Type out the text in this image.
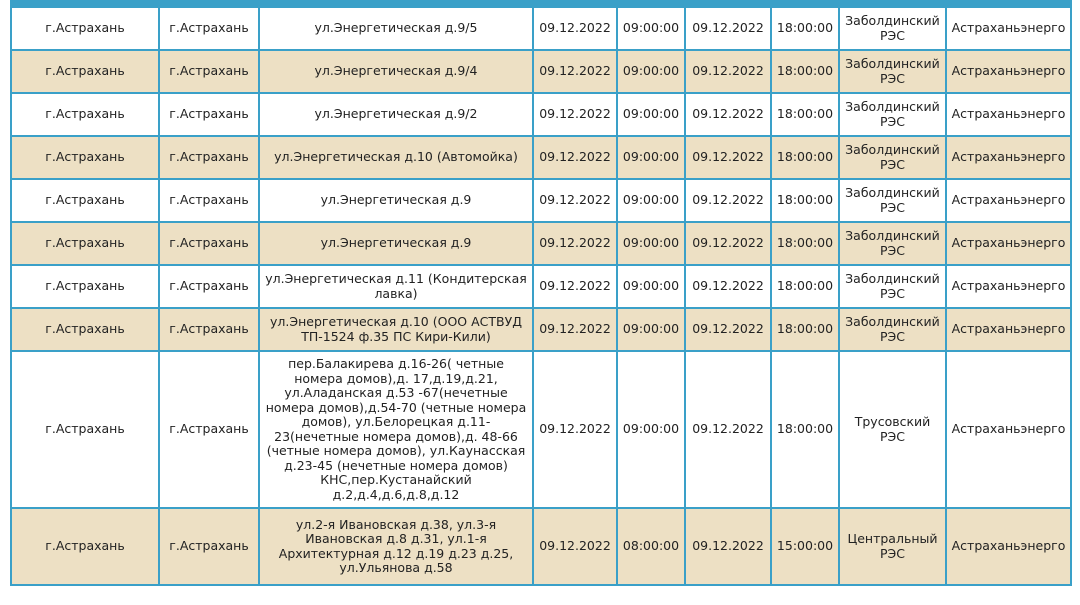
г.Астрахань	г.Астрахань	ул.Энергетическая д.9/5	09.12.2022	09:00:00	09.12.2022	18:00:00	Заболдинский РЭС	Астраханьэнерго
г.Астрахань	г.Астрахань	ул.Энергетическая д.9/4	09.12.2022	09:00:00	09.12.2022	18:00:00	Заболдинский РЭС	Астраханьэнерго
г.Астрахань	г.Астрахань	ул.Энергетическая д.9/2	09.12.2022	09:00:00	09.12.2022	18:00:00	Заболдинский РЭС	Астраханьэнерго
г.Астрахань	г.Астрахань	ул.Энергетическая д.10 (Автомойка)	09.12.2022	09:00:00	09.12.2022	18:00:00	Заболдинский РЭС	Астраханьэнерго
г.Астрахань	г.Астрахань	ул.Энергетическая д.9	09.12.2022	09:00:00	09.12.2022	18:00:00	Заболдинский РЭС	Астраханьэнерго
г.Астрахань	г.Астрахань	ул.Энергетическая д.9	09.12.2022	09:00:00	09.12.2022	18:00:00	Заболдинский РЭС	Астраханьэнерго
г.Астрахань	г.Астрахань	ул.Энергетическая д.11 (Кондитерская лавка)	09.12.2022	09:00:00	09.12.2022	18:00:00	Заболдинский РЭС	Астраханьэнерго
г.Астрахань	г.Астрахань	ул.Энергетическая д.10 (ООО АСТВУД ТП-1524 ф.35 ПС Кири-Кили)	09.12.2022	09:00:00	09.12.2022	18:00:00	Заболдинский РЭС	Астраханьэнерго
г.Астрахань	г.Астрахань	пер.Балакирева д.16-26( четные номера домов),д. 17,д.19,д.21, ул.Аладанская д.53 -67(нечетные номера домов),д.54-70 (четные номера домов), ул.Белорецкая д.11-23(нечетные номера домов),д. 48-66 (четные номера домов), ул.Каунасская д.23-45 (нечетные номера домов) КНС,пер.Кустанайский д.2,д.4,д.6,д.8,д.12	09.12.2022	09:00:00	09.12.2022	18:00:00	Трусовский РЭС	Астраханьэнерго
г.Астрахань	г.Астрахань	ул.2-я Ивановская д.38, ул.3-я Ивановская д.8 д.31, ул.1-я Архитектурная д.12 д.19 д.23 д.25, ул.Ульянова д.58	09.12.2022	08:00:00	09.12.2022	15:00:00	Центральный РЭС	Астраханьэнерго
